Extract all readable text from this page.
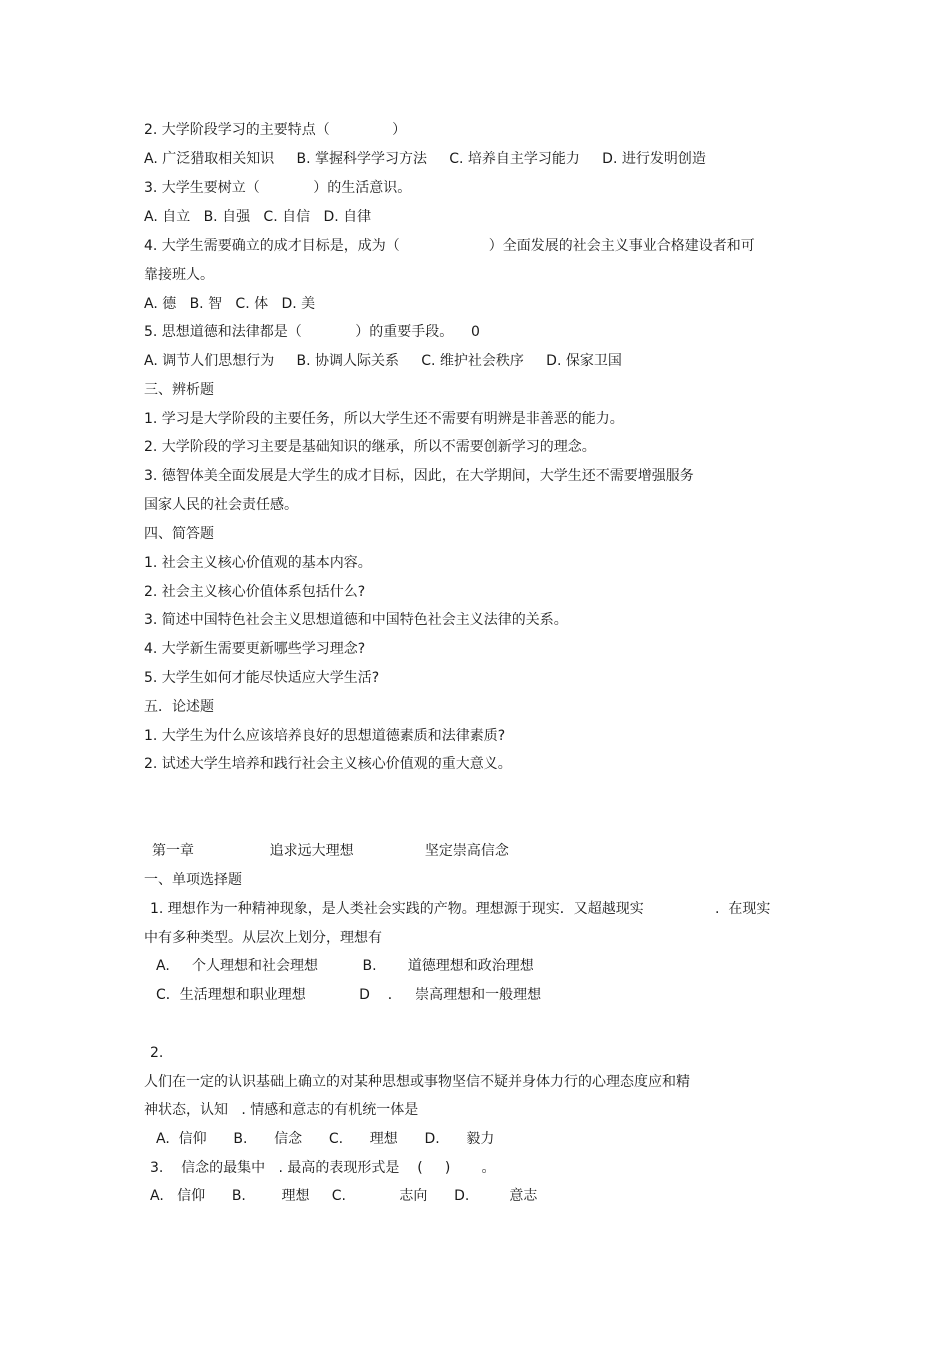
2. 大学阶段学习的主要特点（              ）
A. 广泛猎取相关知识     B. 掌握科学学习方法     C. 培养自主学习能力     D. 进行发明创造
3. 大学生要树立（            ）的生活意识。
A. 自立   B. 自强   C. 自信   D. 自律
4. 大学生需要确立的成才目标是，成为（                    ）全面发展的社会主义事业合格建设者和可
靠接班人。
A. 德   B. 智   C. 体   D. 美
5. 思想道德和法律都是（            ）的重要手段。    0
A. 调节人们思想行为     B. 协调人际关系     C. 维护社会秩序     D. 保家卫国
三、辨析题
1. 学习是大学阶段的主要任务，所以大学生还不需要有明辨是非善恶的能力。
2. 大学阶段的学习主要是基础知识的继承，所以不需要创新学习的理念。
3. 德智体美全面发展是大学生的成才目标，因此，在大学期间，大学生还不需要增强服务
国家人民的社会责任感。
四、简答题
1. 社会主义核心价值观的基本内容。
2. 社会主义核心价值体系包括什么?
3. 简述中国特色社会主义思想道德和中国特色社会主义法律的关系。
4. 大学新生需要更新哪些学习理念?
5. 大学生如何才能尽快适应大学生活?
五．论述题
1. 大学生为什么应该培养良好的思想道德素质和法律素质?
2. 试述大学生培养和践行社会主义核心价值观的重大意义。
第一章                 追求远大理想                坚定崇高信念
一、单项选择题
1. 理想作为一种精神现象，是人类社会实践的产物。理想源于现实．又超越现实                .  在现实
中有多种类型。从层次上划分，理想有
A.     个人理想和社会理想          B.       道德理想和政治理想
C．生活理想和职业理想            D    ．   崇高理想和一般理想
2.
人们在一定的认识基础上确立的对某种思想或事物坚信不疑并身体力行的心理态度应和精
神状态，认知   . 情感和意志的有机统一体是
A.  信仰      B.      信念      C.      理想      D.      毅力
3.    信念的最集中   . 最高的表现形式是    (     )       。
A.   信仰      B.        理想     C.            志向      D.         意志
